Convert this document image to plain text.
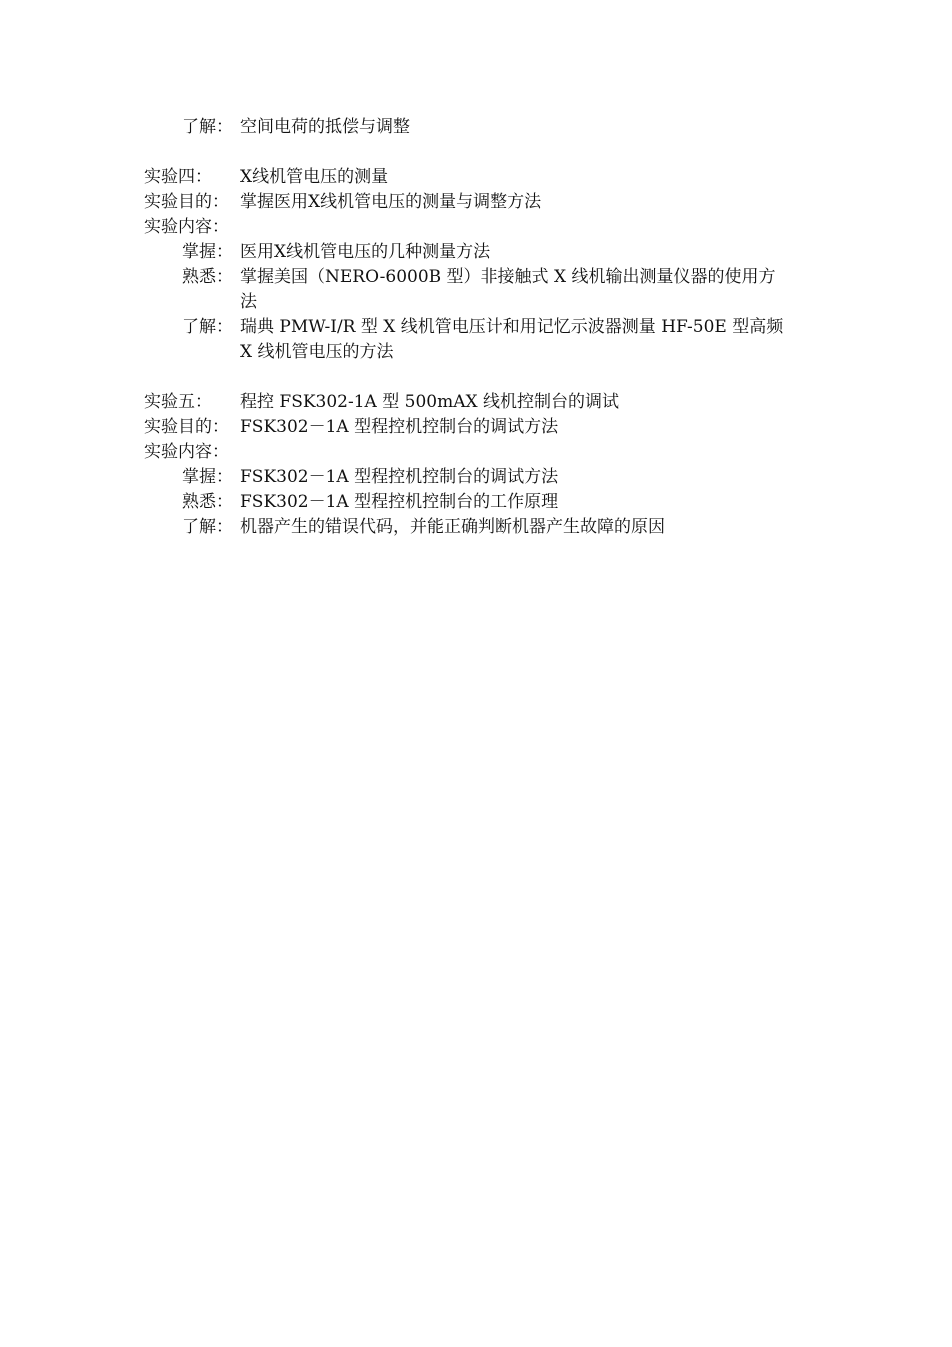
了解： 空间电荷的抵偿与调整
实验四： X线机管电压的测量
实验目的： 掌握医用X线机管电压的测量与调整方法
实验内容：
掌握： 医用X线机管电压的几种测量方法
熟悉： 掌握美国（NERO-6000B 型）非接触式 X 线机输出测量仪器的使用方
法
了解： 瑞典 PMW-I/R 型 X 线机管电压计和用记忆示波器测量 HF-50E 型高频
X 线机管电压的方法
实验五： 程控 FSK302-1A 型 500mAX 线机控制台的调试
实验目的： FSK302－1A 型程控机控制台的调试方法
实验内容：
掌握： FSK302－1A 型程控机控制台的调试方法
熟悉： FSK302－1A 型程控机控制台的工作原理
了解： 机器产生的错误代码，并能正确判断机器产生故障的原因
